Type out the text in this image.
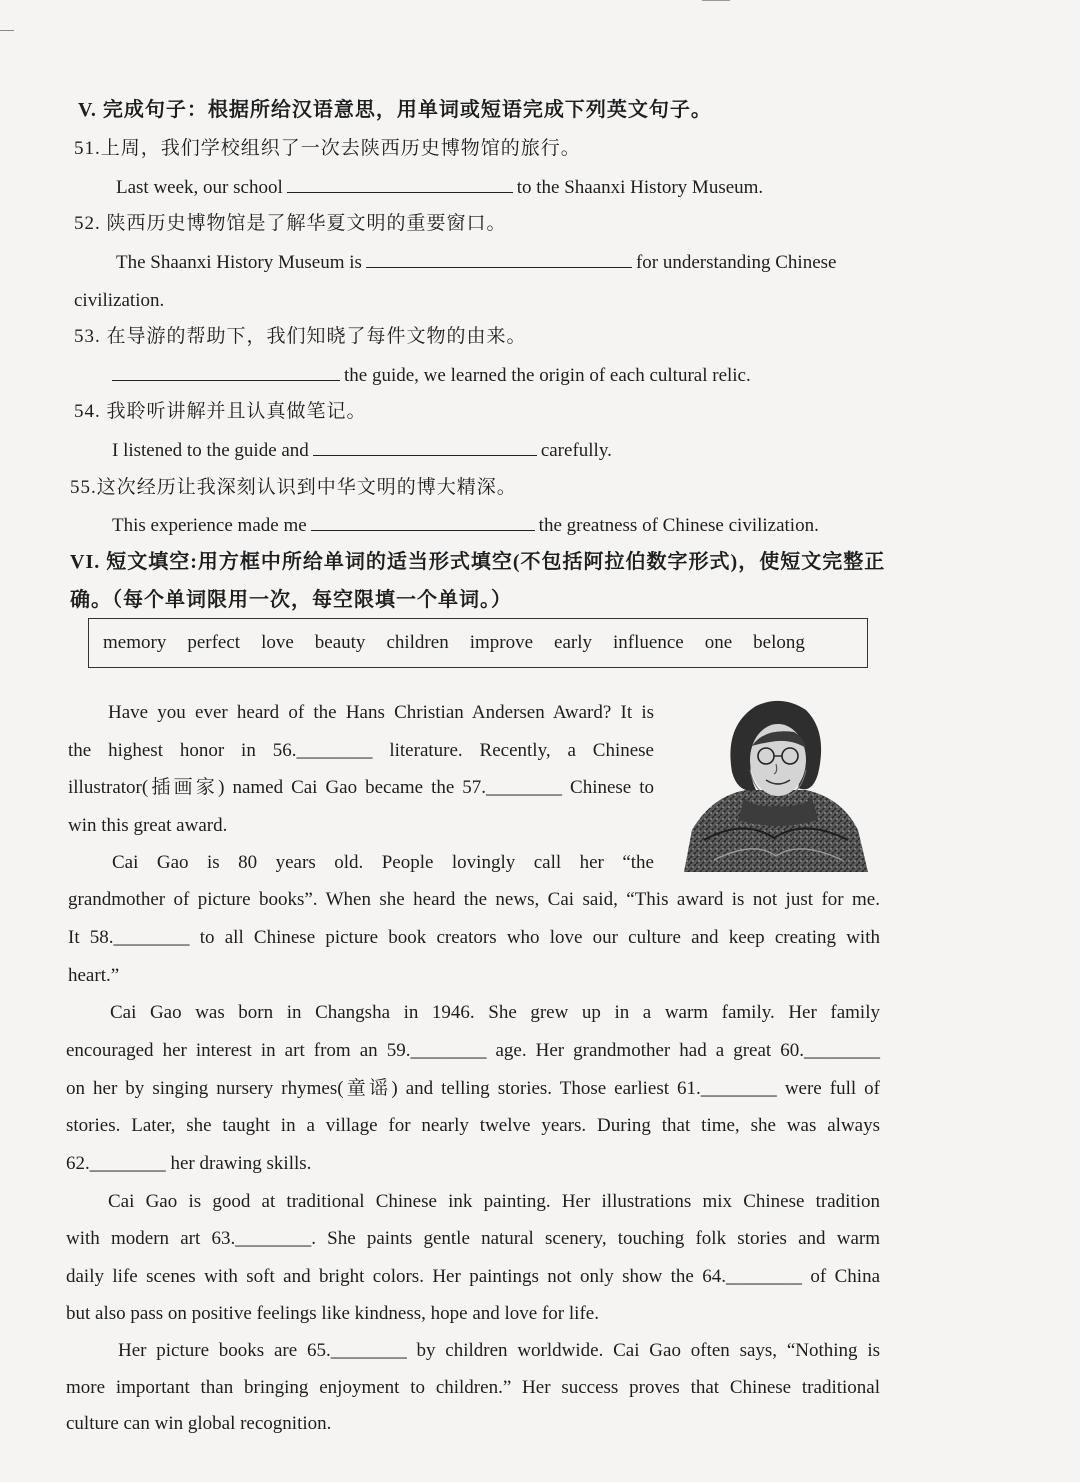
V. 完成句子：根据所给汉语意思，用单词或短语完成下列英文句子。
51.上周，我们学校组织了一次去陕西历史博物馆的旅行。
Last week, our school	to the Shaanxi History Museum.
52. 陕西历史博物馆是了解华夏文明的重要窗口。
The Shaanxi History Museum is	for understanding Chinese
civilization.
53. 在导游的帮助下，我们知晓了每件文物的由来。
the guide, we learned the origin of each cultural relic.
54. 我聆听讲解并且认真做笔记。
I listened to the guide and	carefully.
55.这次经历让我深刻认识到中华文明的博大精深。
This experience made me	the greatness of Chinese civilization.
VI. 短文填空:用方框中所给单词的适当形式填空(不包括阿拉伯数字形式)，使短文完整正
确。（每个单词限用一次，每空限填一个单词。）
memory perfect love beauty children improve early influence one belong
Have you ever heard of the Hans Christian Andersen Award? It is
the highest honor in 56.________ literature. Recently, a Chinese
illustrator(插画家) named Cai Gao became the 57.________ Chinese to
win this great award.
Cai Gao is 80 years old. People lovingly call her “the
grandmother of picture books”. When she heard the news, Cai said, “This award is not just for me.
It 58.________ to all Chinese picture book creators who love our culture and keep creating with
heart.”
Cai Gao was born in Changsha in 1946. She grew up in a warm family. Her family
encouraged her interest in art from an 59.________ age. Her grandmother had a great 60.________
on her by singing nursery rhymes(童谣) and telling stories. Those earliest 61.________ were full of
stories. Later, she taught in a village for nearly twelve years. During that time, she was always
62.________ her drawing skills.
Cai Gao is good at traditional Chinese ink painting. Her illustrations mix Chinese tradition
with modern art 63.________. She paints gentle natural scenery, touching folk stories and warm
daily life scenes with soft and bright colors. Her paintings not only show the 64.________ of China
but also pass on positive feelings like kindness, hope and love for life.
Her picture books are 65.________ by children worldwide. Cai Gao often says, “Nothing is
more important than bringing enjoyment to children.” Her success proves that Chinese traditional
culture can win global recognition.
